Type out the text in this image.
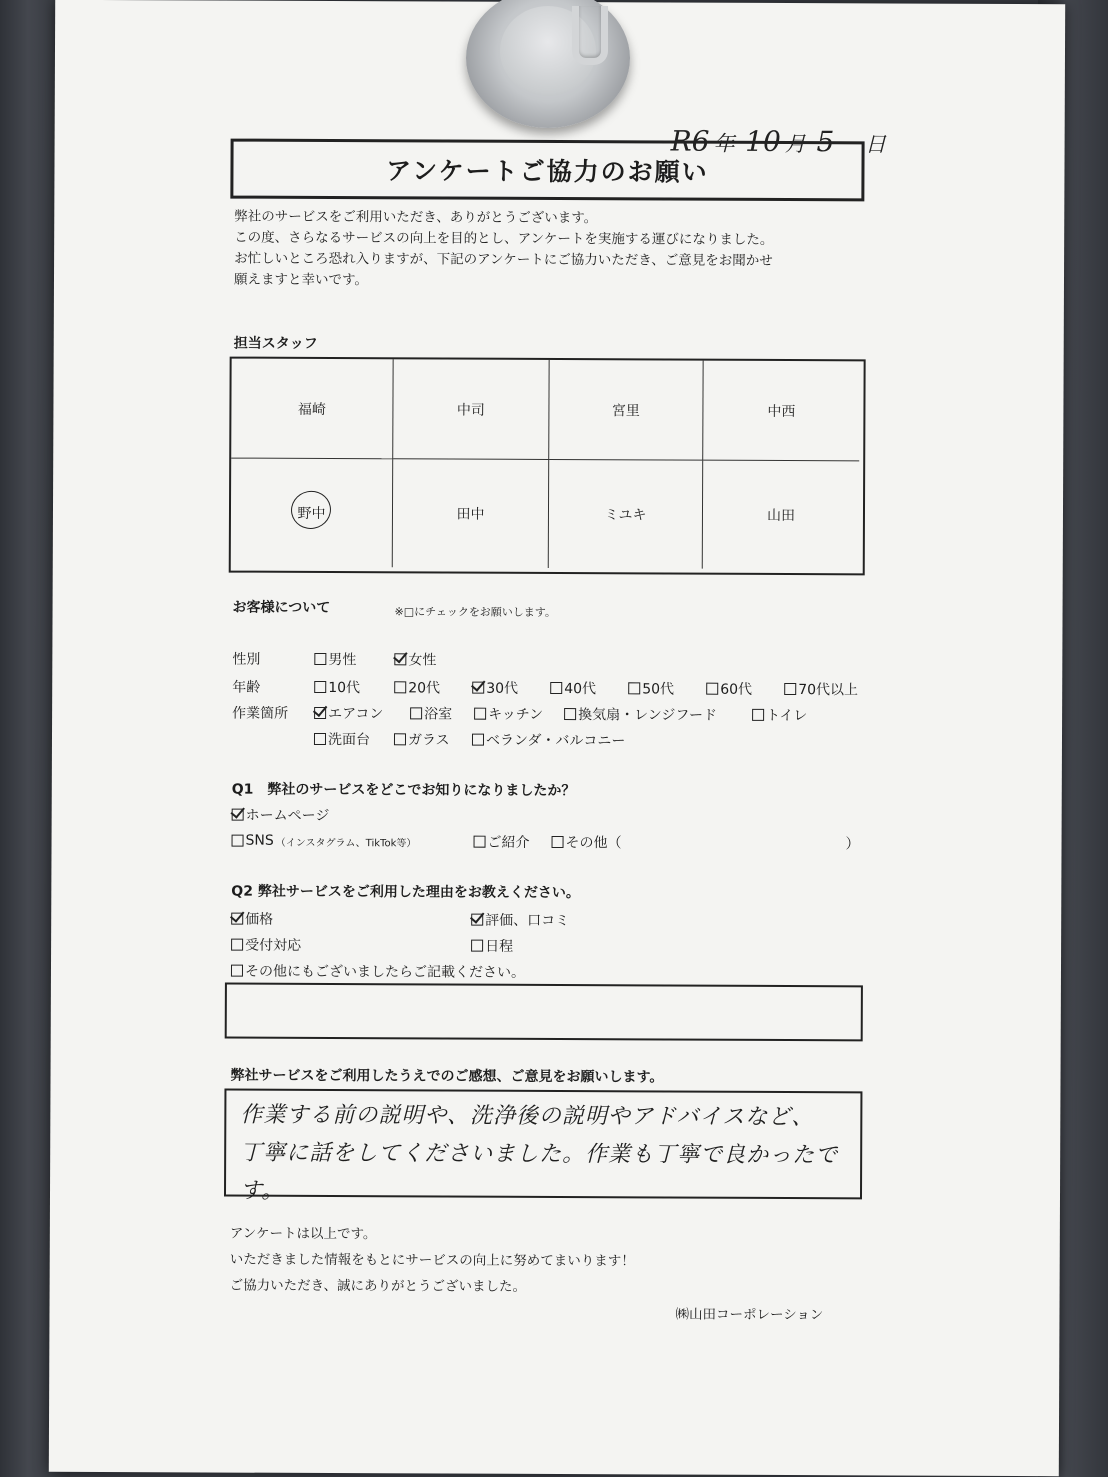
R6 年 10 月 5 日
アンケートご協力のお願い
弊社のサービスをご利用いただき、ありがとうございます。
この度、さらなるサービスの向上を目的とし、アンケートを実施する運びになりました。
お忙しいところ恐れ入りますが、下記のアンケートにご協力いただき、ご意見をお聞かせ
願えますと幸いです。
担当スタッフ
福崎	中司	宮里	中西
野中	田中	ミユキ	山田
お客様について	※□にチェックをお願いします。
性別	男性	女性
年齢	10代	20代	30代	40代	50代	60代	70代以上
作業箇所	エアコン	浴室	キッチン 換気扇・レンジフード	トイレ
洗面台	ガラス	ベランダ・バルコニー
Q1　弊社のサービスをどこでお知りになりましたか？
ホームページ
SNS （インスタグラム、TikTok等）	ご紹介	その他（	）
Q2 弊社サービスをご利用した理由をお教えください。
価格	評価、口コミ
受付対応	日程
その他にもございましたらご記載ください。
弊社サービスをご利用したうえでのご感想、ご意見をお願いします。
作業する前の説明や、洗浄後の説明やアドバイスなど、
丁寧に話をしてくださいました。作業も丁寧で良かったです。
アンケートは以上です。
いただきました情報をもとにサービスの向上に努めてまいります！
ご協力いただき、誠にありがとうございました。
㈱山田コーポレーション
